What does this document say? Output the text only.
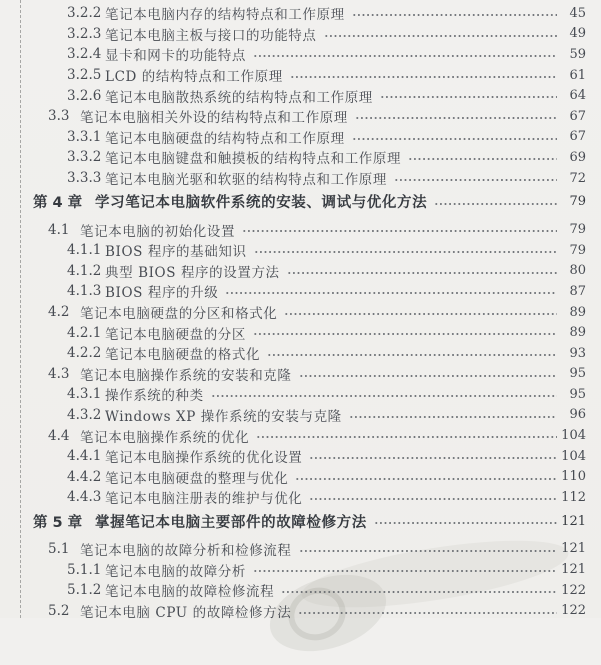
3.2.2 笔记本电脑内存的结构特点和工作原理	45
3.2.3 笔记本电脑主板与接口的功能特点	49
3.2.4 显卡和网卡的功能特点	59
3.2.5 LCD 的结构特点和工作原理	61
3.2.6 笔记本电脑散热系统的结构特点和工作原理	64
3.3 笔记本电脑相关外设的结构特点和工作原理	67
3.3.1 笔记本电脑硬盘的结构特点和工作原理	67
3.3.2 笔记本电脑键盘和触摸板的结构特点和工作原理	69
3.3.3 笔记本电脑光驱和软驱的结构特点和工作原理	72
第 4 章 学习笔记本电脑软件系统的安装、调试与优化方法	79
4.1 笔记本电脑的初始化设置	79
4.1.1 BIOS 程序的基础知识	79
4.1.2 典型 BIOS 程序的设置方法	80
4.1.3 BIOS 程序的升级	87
4.2 笔记本电脑硬盘的分区和格式化	89
4.2.1 笔记本电脑硬盘的分区	89
4.2.2 笔记本电脑硬盘的格式化	93
4.3 笔记本电脑操作系统的安装和克隆	95
4.3.1 操作系统的种类	95
4.3.2 Windows XP 操作系统的安装与克隆	96
4.4 笔记本电脑操作系统的优化	104
4.4.1 笔记本电脑操作系统的优化设置	104
4.4.2 笔记本电脑硬盘的整理与优化	110
4.4.3 笔记本电脑注册表的维护与优化	112
第 5 章 掌握笔记本电脑主要部件的故障检修方法	121
5.1 笔记本电脑的故障分析和检修流程	121
5.1.1 笔记本电脑的故障分析	121
5.1.2 笔记本电脑的故障检修流程	122
5.2 笔记本电脑 CPU 的故障检修方法	122
